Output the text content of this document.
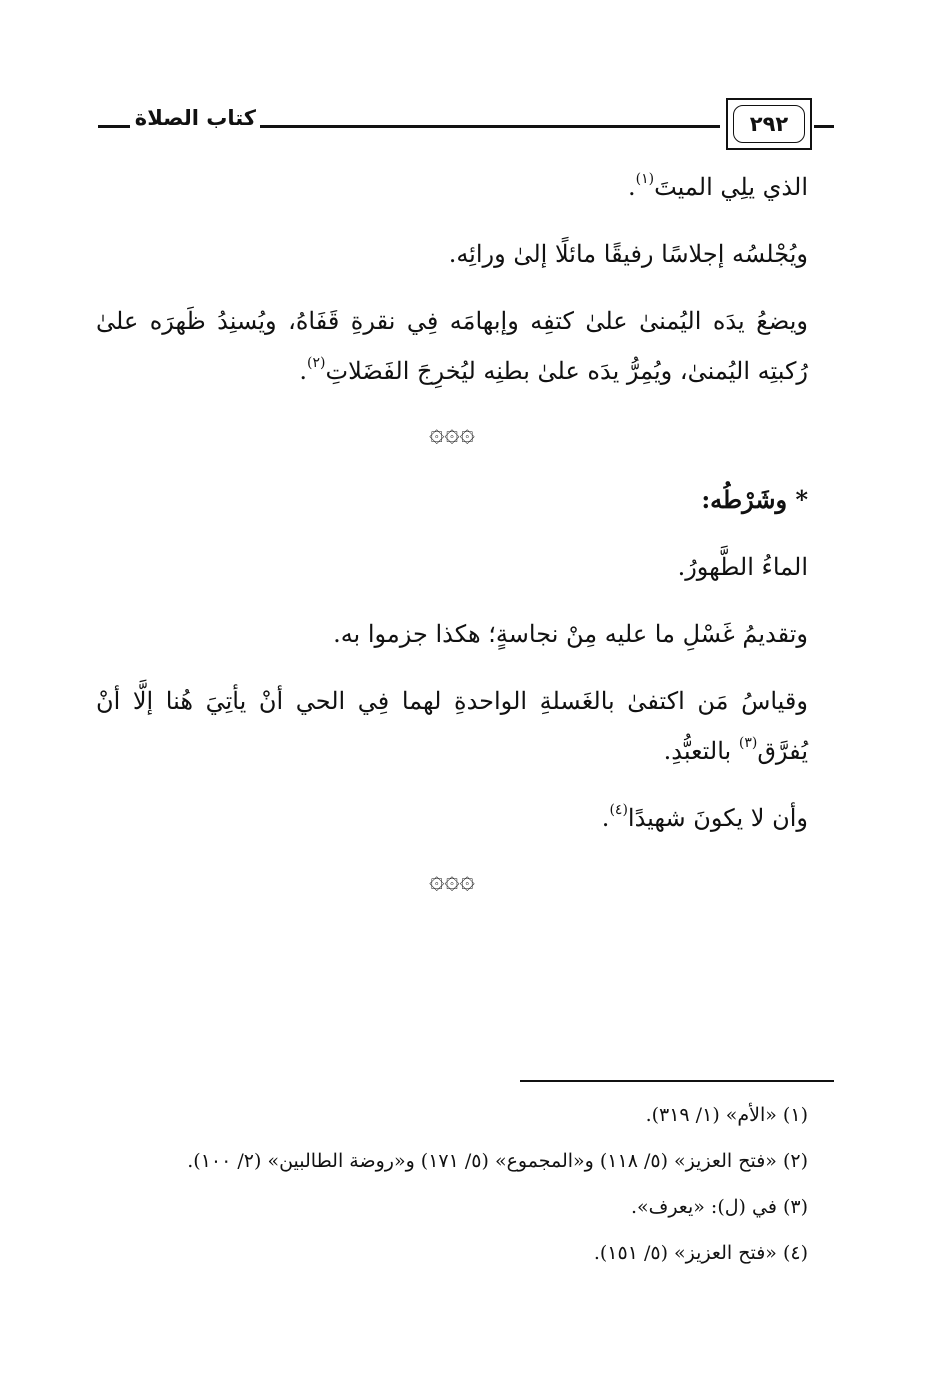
كتاب الصلاة	٢٩٢

الذي يلِي الميتَ$^{(١)}$.

ويُجْلسُه إجلاسًا رفيقًا مائلًا إلىٰ ورائِه.

ويضعُ يدَه اليُمنىٰ علىٰ كتفِه وإبهامَه فِي نقرةِ قَفَاهُ، ويُسنِدُ ظَهرَه علىٰ رُكبتِه اليُمنىٰ، ويُمِرُّ يدَه علىٰ بطنِه ليُخرِجَ الفَضَلاتِ$^{(٢)}$.

۞۞۞

* وشَرْطُه:

الماءُ الطَّهورُ.

وتقديمُ غَسْلِ ما عليه مِنْ نجاسةٍ؛ هكذا جزموا به.

وقياسُ مَن اكتفىٰ بالغَسلةِ الواحدةِ لهما فِي الحي أنْ يأتِيَ هُنا إلَّا أنْ يُفرَّق$^{(٣)}$ بالتعبُّدِ.

وأن لا يكونَ شهيدًا$^{(٤)}$.

۞۞۞
(١) «الأم» (١/ ٣١٩).
(٢) «فتح العزيز» (٥/ ١١٨) و«المجموع» (٥/ ١٧١) و«روضة الطالبين» (٢/ ١٠٠).
(٣) في (ل): «يعرف».
(٤) «فتح العزيز» (٥/ ١٥١).
